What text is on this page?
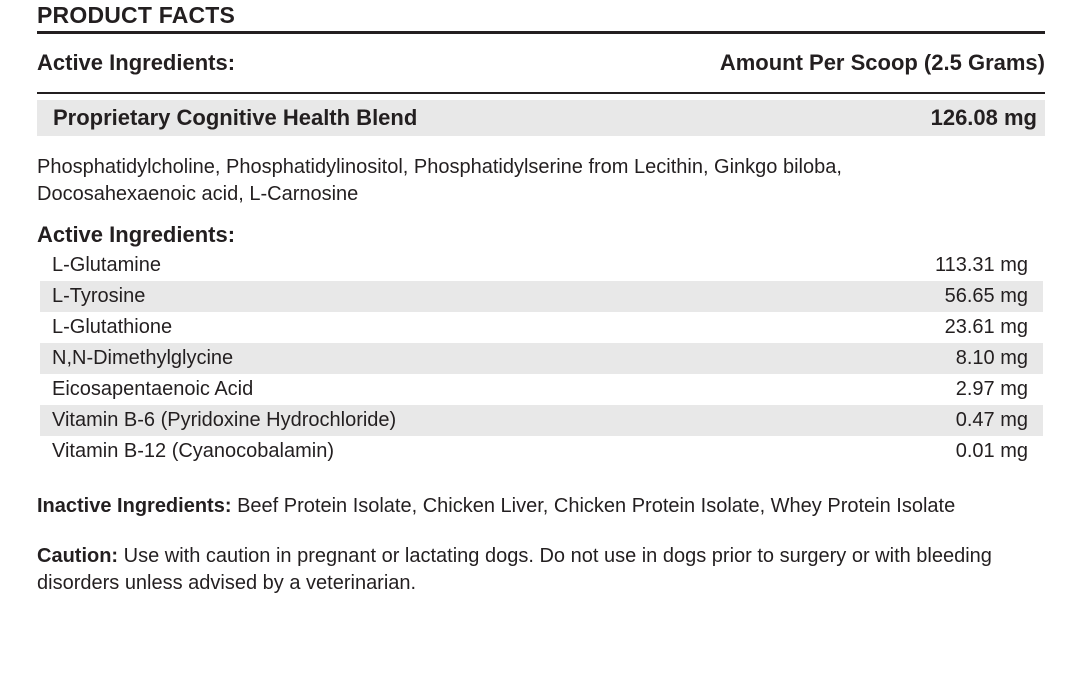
PRODUCT FACTS
Active Ingredients:	Amount Per Scoop (2.5 Grams)
Proprietary Cognitive Health Blend	126.08 mg
Phosphatidylcholine, Phosphatidylinositol, Phosphatidylserine from Lecithin, Ginkgo biloba, Docosahexaenoic acid, L-Carnosine
Active Ingredients:
L-Glutamine	113.31 mg
L-Tyrosine	56.65 mg
L-Glutathione	23.61 mg
N,N-Dimethylglycine	8.10 mg
Eicosapentaenoic Acid	2.97 mg
Vitamin B-6 (Pyridoxine Hydrochloride)	0.47 mg
Vitamin B-12 (Cyanocobalamin)	0.01 mg
Inactive Ingredients: Beef Protein Isolate, Chicken Liver, Chicken Protein Isolate, Whey Protein Isolate
Caution: Use with caution in pregnant or lactating dogs. Do not use in dogs prior to surgery or with bleeding disorders unless advised by a veterinarian.
